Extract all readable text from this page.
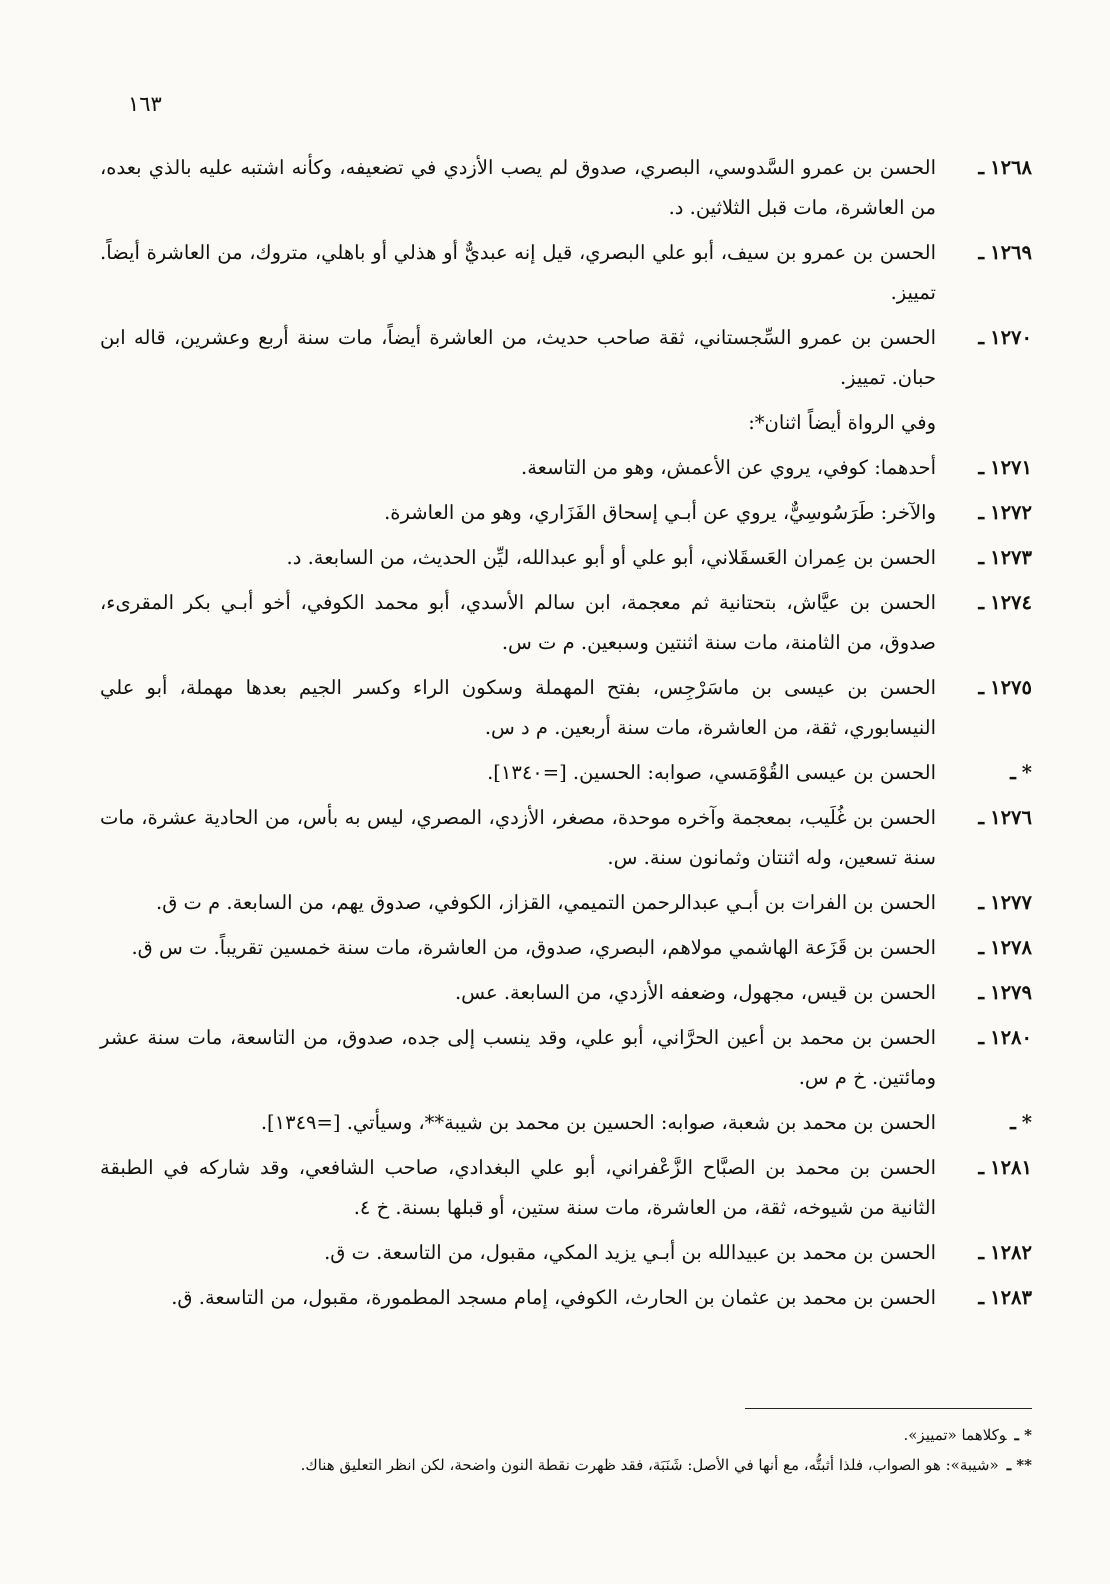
١٦٣
١٢٦٨ـ
الحسن بن عمرو السَّدوسي، البصري، صدوق لم يصب الأزدي في تضعيفه، وكأنه اشتبه عليه بالذي بعده، من العاشرة، مات قبل الثلاثين. د.
١٢٦٩ـ
الحسن بن عمرو بن سيف، أبو علي البصري، قيل إنه عبديٌّ أو هذلي أو باهلي، متروك، من العاشرة أيضاً. تمييز.
١٢٧٠ـ
الحسن بن عمرو السِّجستاني، ثقة صاحب حديث، من العاشرة أيضاً، مات سنة أربع وعشرين، قاله ابن حبان. تمييز.
وفي الرواة أيضاً اثنان*:
١٢٧١ـ
أحدهما: كوفي، يروي عن الأعمش، وهو من التاسعة.
١٢٧٢ـ
والآخر: طَرَسُوسِيٌّ، يروي عن أبـي إسحاق الفَزَاري، وهو من العاشرة.
١٢٧٣ـ
الحسن بن عِمران العَسقَلاني، أبو علي أو أبو عبدالله، ليِّن الحديث، من السابعة. د.
١٢٧٤ـ
الحسن بن عيَّاش، بتحتانية ثم معجمة، ابن سالم الأسدي، أبو محمد الكوفي، أخو أبـي بكر المقرىء، صدوق، من الثامنة، مات سنة اثنتين وسبعين. م ت س.
١٢٧٥ـ
الحسن بن عيسى بن ماسَرْجِس، بفتح المهملة وسكون الراء وكسر الجيم بعدها مهملة، أبو علي النيسابوري، ثقة، من العاشرة، مات سنة أربعين. م د س.
*ـ
الحسن بن عيسى القُوْمَسي، صوابه: الحسين. [=١٣٤٠].
١٢٧٦ـ
الحسن بن غُلَيب، بمعجمة وآخره موحدة، مصغر، الأزدي، المصري، ليس به بأس، من الحادية عشرة، مات سنة تسعين، وله اثنتان وثمانون سنة. س.
١٢٧٧ـ
الحسن بن الفرات بن أبـي عبدالرحمن التميمي، القزاز، الكوفي، صدوق يهم، من السابعة. م ت ق.
١٢٧٨ـ
الحسن بن قَزَعة الهاشمي مولاهم، البصري، صدوق، من العاشرة، مات سنة خمسين تقريباً. ت س ق.
١٢٧٩ـ
الحسن بن قيس، مجهول، وضعفه الأزدي، من السابعة. عس.
١٢٨٠ـ
الحسن بن محمد بن أعين الحرَّاني، أبو علي، وقد ينسب إلى جده، صدوق، من التاسعة، مات سنة عشر ومائتين. خ م س.
*ـ
الحسن بن محمد بن شعبة، صوابه: الحسين بن محمد بن شيبة**، وسيأتي. [=١٣٤٩].
١٢٨١ـ
الحسن بن محمد بن الصبَّاح الزَّعْفراني، أبو علي البغدادي، صاحب الشافعي، وقد شاركه في الطبقة الثانية من شيوخه، ثقة، من العاشرة، مات سنة ستين، أو قبلها بسنة. خ ٤.
١٢٨٢ـ
الحسن بن محمد بن عبيدالله بن أبـي يزيد المكي، مقبول، من التاسعة. ت ق.
١٢٨٣ـ
الحسن بن محمد بن عثمان بن الحارث، الكوفي، إمام مسجد المطمورة، مقبول، من التاسعة. ق.
* ـوكلاهما «تمييز».
** ـ«شيبة»: هو الصواب، فلذا أثبتُّه، مع أنها في الأصل: شَنَبَة، فقد ظهرت نقطة النون واضحة، لكن انظر التعليق هناك.
